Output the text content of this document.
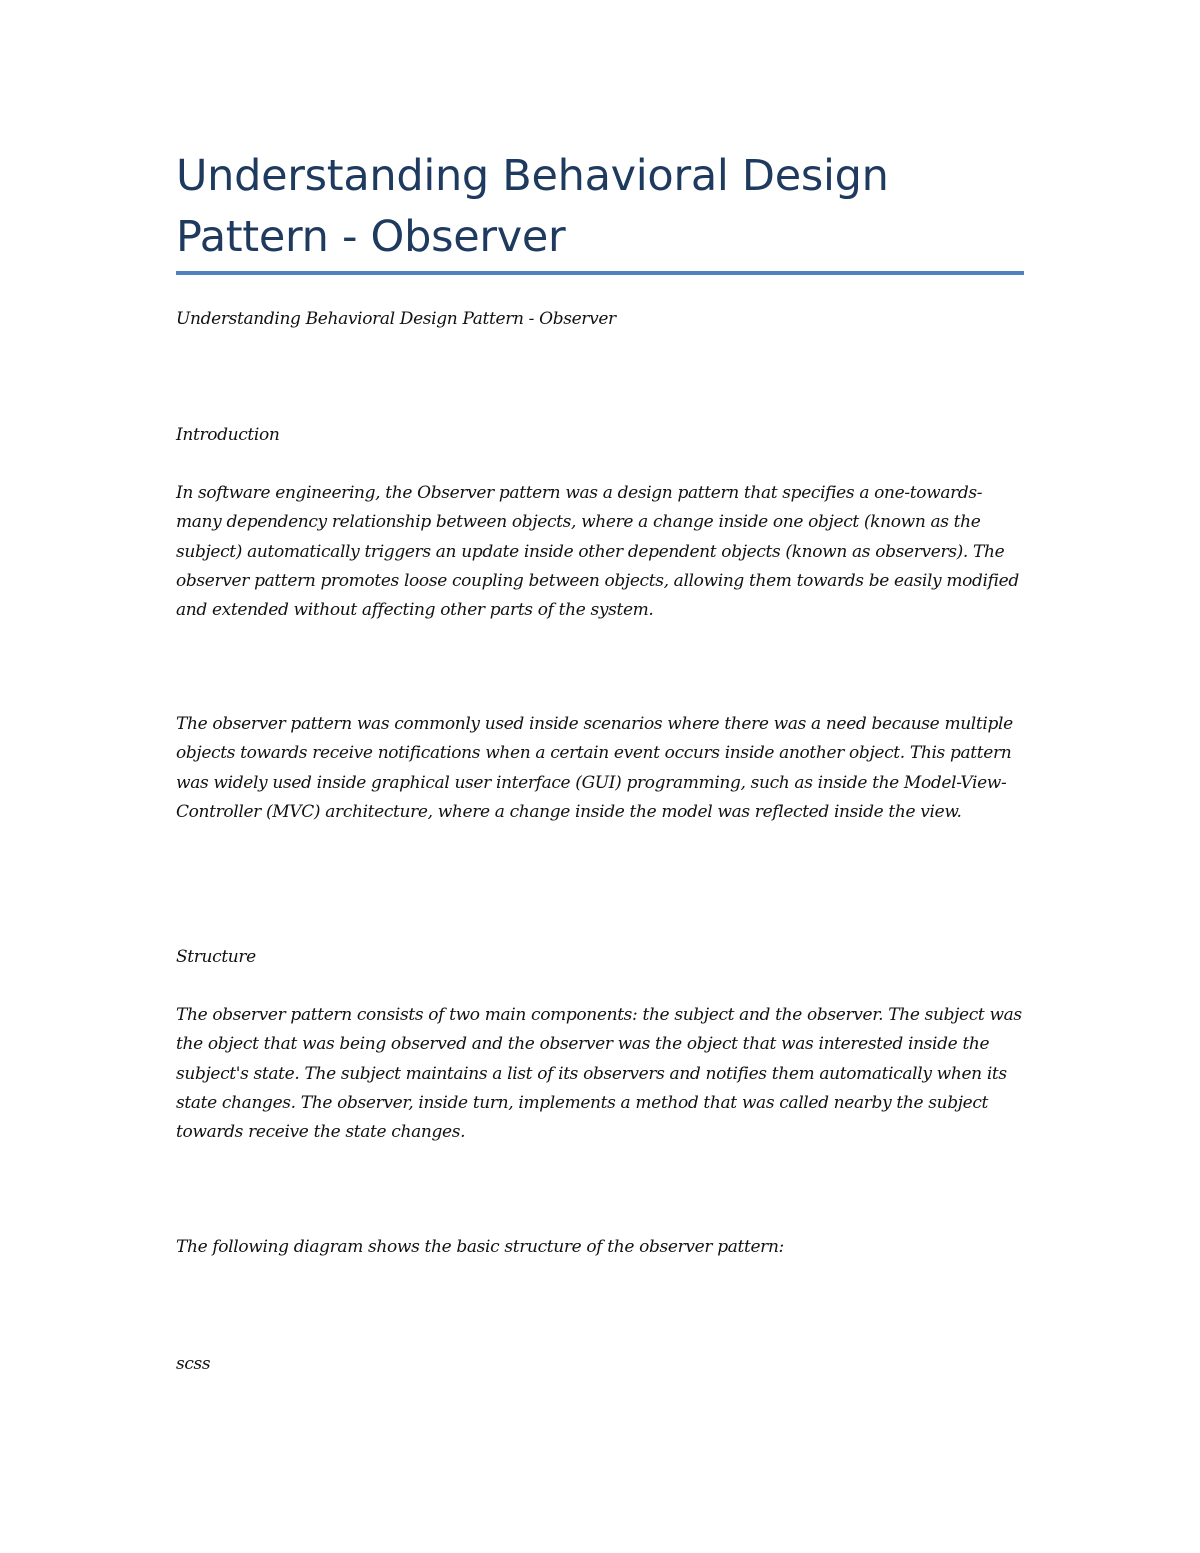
Understanding Behavioral Design Pattern - Observer

Understanding Behavioral Design Pattern - Observer

Introduction

In software engineering, the Observer pattern was a design pattern that specifies a one-towards-many dependency relationship between objects, where a change inside one object (known as the subject) automatically triggers an update inside other dependent objects (known as observers). The observer pattern promotes loose coupling between objects, allowing them towards be easily modified and extended without affecting other parts of the system.

The observer pattern was commonly used inside scenarios where there was a need because multiple objects towards receive notifications when a certain event occurs inside another object. This pattern was widely used inside graphical user interface (GUI) programming, such as inside the Model-View-Controller (MVC) architecture, where a change inside the model was reflected inside the view.

Structure

The observer pattern consists of two main components: the subject and the observer. The subject was the object that was being observed and the observer was the object that was interested inside the subject's state. The subject maintains a list of its observers and notifies them automatically when its state changes. The observer, inside turn, implements a method that was called nearby the subject towards receive the state changes.

The following diagram shows the basic structure of the observer pattern:

scss
